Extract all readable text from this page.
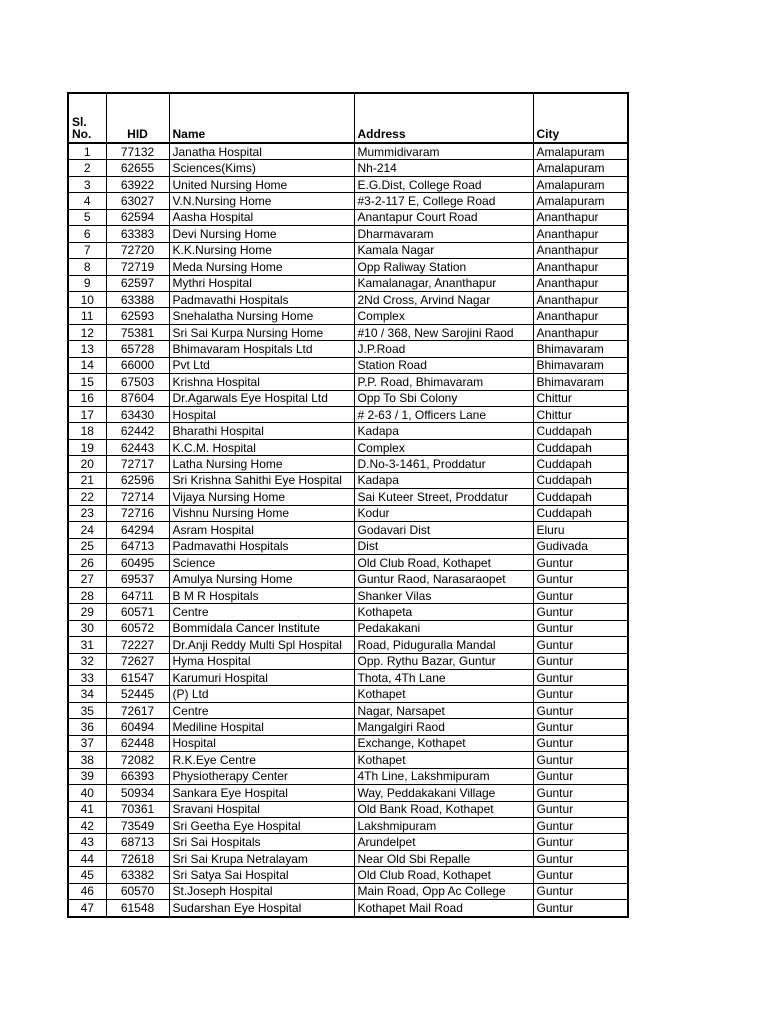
Sl. No.	HID	Name	Address	City
1	77132	Janatha Hospital	Mummidivaram	Amalapuram
2	62655	Sciences(Kims)	Nh-214	Amalapuram
3	63922	United Nursing Home	E.G.Dist, College Road	Amalapuram
4	63027	V.N.Nursing Home	#3-2-117 E, College Road	Amalapuram
5	62594	Aasha Hospital	Anantapur Court Road	Ananthapur
6	63383	Devi Nursing Home	Dharmavaram	Ananthapur
7	72720	K.K.Nursing Home	Kamala Nagar	Ananthapur
8	72719	Meda Nursing Home	Opp Raliway Station	Ananthapur
9	62597	Mythri Hospital	Kamalanagar, Ananthapur	Ananthapur
10	63388	Padmavathi Hospitals	2Nd Cross, Arvind Nagar	Ananthapur
11	62593	Snehalatha Nursing Home	Complex	Ananthapur
12	75381	Sri Sai Kurpa Nursing Home	#10 / 368, New Sarojini Raod	Ananthapur
13	65728	Bhimavaram Hospitals Ltd	J.P.Road	Bhimavaram
14	66000	Pvt Ltd	Station Road	Bhimavaram
15	67503	Krishna Hospital	P.P. Road, Bhimavaram	Bhimavaram
16	87604	Dr.Agarwals Eye Hospital Ltd	Opp To Sbi Colony	Chittur
17	63430	Hospital	# 2-63 / 1, Officers Lane	Chittur
18	62442	Bharathi Hospital	Kadapa	Cuddapah
19	62443	K.C.M. Hospital	Complex	Cuddapah
20	72717	Latha Nursing Home	D.No-3-1461, Proddatur	Cuddapah
21	62596	Sri Krishna Sahithi Eye Hospital	Kadapa	Cuddapah
22	72714	Vijaya Nursing Home	Sai Kuteer Street, Proddatur	Cuddapah
23	72716	Vishnu Nursing Home	Kodur	Cuddapah
24	64294	Asram Hospital	Godavari Dist	Eluru
25	64713	Padmavathi Hospitals	Dist	Gudivada
26	60495	Science	Old Club Road, Kothapet	Guntur
27	69537	Amulya Nursing Home	Guntur Raod, Narasaraopet	Guntur
28	64711	B M R Hospitals	Shanker Vilas	Guntur
29	60571	Centre	Kothapeta	Guntur
30	60572	Bommidala Cancer Institute	Pedakakani	Guntur
31	72227	Dr.Anji Reddy Multi Spl Hospital	Road, Piduguralla Mandal	Guntur
32	72627	Hyma Hospital	Opp. Rythu Bazar, Guntur	Guntur
33	61547	Karumuri Hospital	Thota, 4Th Lane	Guntur
34	52445	(P) Ltd	Kothapet	Guntur
35	72617	Centre	Nagar, Narsapet	Guntur
36	60494	Mediline Hospital	Mangalgiri Raod	Guntur
37	62448	Hospital	Exchange, Kothapet	Guntur
38	72082	R.K.Eye Centre	Kothapet	Guntur
39	66393	Physiotherapy Center	4Th Line, Lakshmipuram	Guntur
40	50934	Sankara Eye Hospital	Way, Peddakakani Village	Guntur
41	70361	Sravani Hospital	Old Bank Road, Kothapet	Guntur
42	73549	Sri Geetha Eye Hospital	Lakshmipuram	Guntur
43	68713	Sri Sai Hospitals	Arundelpet	Guntur
44	72618	Sri Sai Krupa Netralayam	Near Old Sbi Repalle	Guntur
45	63382	Sri Satya Sai Hospital	Old Club Road, Kothapet	Guntur
46	60570	St.Joseph Hospital	Main Road, Opp Ac College	Guntur
47	61548	Sudarshan Eye Hospital	Kothapet Mail Road	Guntur
